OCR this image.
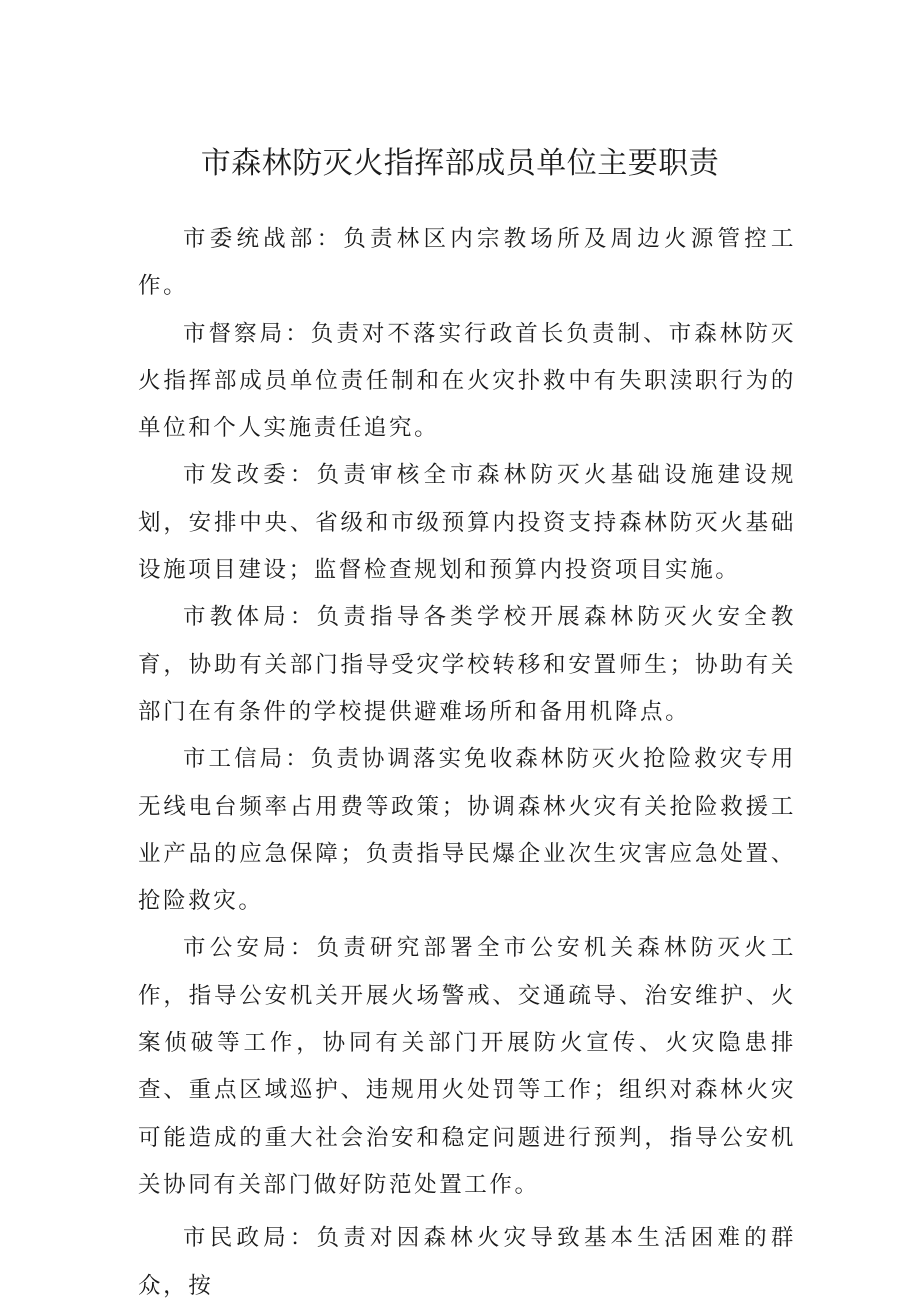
市森林防灭火指挥部成员单位主要职责

市委统战部：负责林区内宗教场所及周边火源管控工作。

市督察局：负责对不落实行政首长负责制、市森林防灭火指挥部成员单位责任制和在火灾扑救中有失职渎职行为的单位和个人实施责任追究。

市发改委：负责审核全市森林防灭火基础设施建设规划，安排中央、省级和市级预算内投资支持森林防灭火基础设施项目建设；监督检查规划和预算内投资项目实施。

市教体局：负责指导各类学校开展森林防灭火安全教育，协助有关部门指导受灾学校转移和安置师生；协助有关部门在有条件的学校提供避难场所和备用机降点。

市工信局：负责协调落实免收森林防灭火抢险救灾专用无线电台频率占用费等政策；协调森林火灾有关抢险救援工业产品的应急保障；负责指导民爆企业次生灾害应急处置、抢险救灾。

市公安局：负责研究部署全市公安机关森林防灭火工作，指导公安机关开展火场警戒、交通疏导、治安维护、火案侦破等工作，协同有关部门开展防火宣传、火灾隐患排查、重点区域巡护、违规用火处罚等工作；组织对森林火灾可能造成的重大社会治安和稳定问题进行预判，指导公安机关协同有关部门做好防范处置工作。

市民政局：负责对因森林火灾导致基本生活困难的群众，按
